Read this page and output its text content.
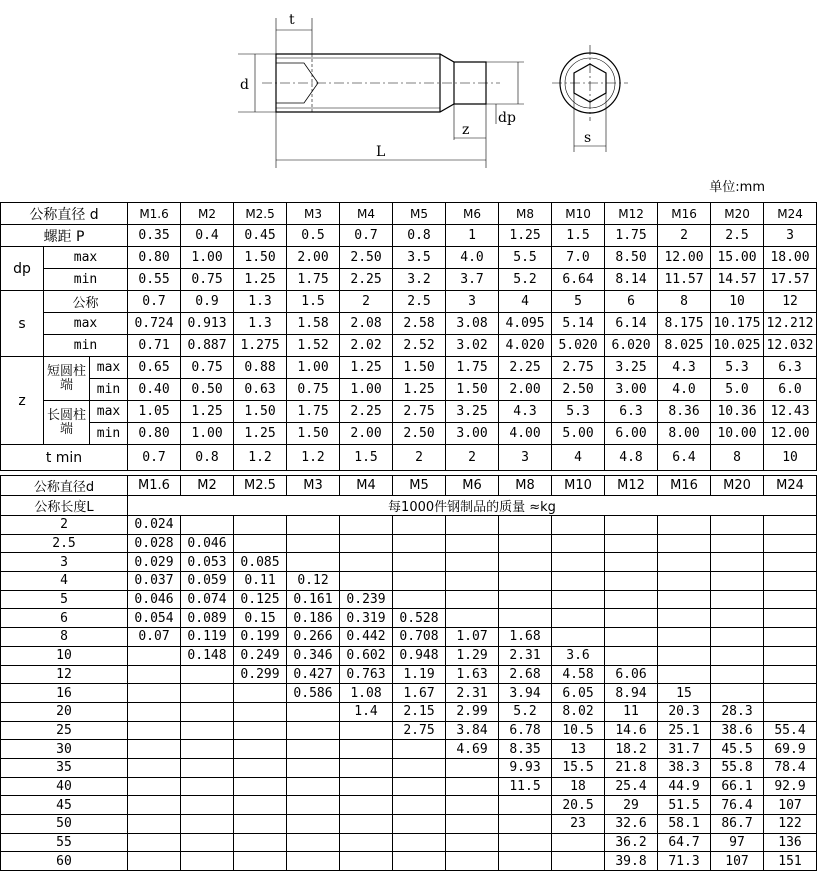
t
d
dp
z
L
s
单位:mm
公称直径 d			M1.6	M2	M2.5	M3	M4	M5	M6	M8	M10	M12	M16	M20	M24
螺距 P			0.35	0.4	0.45	0.5	0.7	0.8	1	1.25	1.5	1.75	2	2.5	3
dp	max		0.80	1.00	1.50	2.00	2.50	3.5	4.0	5.5	7.0	8.50	12.00	15.00	18.00
	min		0.55	0.75	1.25	1.75	2.25	3.2	3.7	5.2	6.64	8.14	11.57	14.57	17.57
s	公称		0.7	0.9	1.3	1.5	2	2.5	3	4	5	6	8	10	12
	max		0.724	0.913	1.3	1.58	2.08	2.58	3.08	4.095	5.14	6.14	8.175	10.175	12.212
	min		0.71	0.887	1.275	1.52	2.02	2.52	3.02	4.020	5.020	6.020	8.025	10.025	12.032
z	短圆柱端	max	0.65	0.75	0.88	1.00	1.25	1.50	1.75	2.25	2.75	3.25	4.3	5.3	6.3
		min	0.40	0.50	0.63	0.75	1.00	1.25	1.50	2.00	2.50	3.00	4.0	5.0	6.0
	长圆柱端	max	1.05	1.25	1.50	1.75	2.25	2.75	3.25	4.3	5.3	6.3	8.36	10.36	12.43
		min	0.80	1.00	1.25	1.50	2.00	2.50	3.00	4.00	5.00	6.00	8.00	10.00	12.00
t min			0.7	0.8	1.2	1.2	1.5	2	2	3	4	4.8	6.4	8	10
公称直径d	M1.6	M2	M2.5	M3	M4	M5	M6	M8	M10	M12	M16	M20	M24
公称长度L	每1000件钢制品的质量 ≈kg												
2	0.024												
2.5	0.028	0.046											
3	0.029	0.053	0.085										
4	0.037	0.059	0.11	0.12									
5	0.046	0.074	0.125	0.161	0.239								
6	0.054	0.089	0.15	0.186	0.319	0.528							
8	0.07	0.119	0.199	0.266	0.442	0.708	1.07	1.68					
10		0.148	0.249	0.346	0.602	0.948	1.29	2.31	3.6				
12			0.299	0.427	0.763	1.19	1.63	2.68	4.58	6.06			
16				0.586	1.08	1.67	2.31	3.94	6.05	8.94	15		
20					1.4	2.15	2.99	5.2	8.02	11	20.3	28.3	
25						2.75	3.84	6.78	10.5	14.6	25.1	38.6	55.4
30							4.69	8.35	13	18.2	31.7	45.5	69.9
35								9.93	15.5	21.8	38.3	55.8	78.4
40								11.5	18	25.4	44.9	66.1	92.9
45									20.5	29	51.5	76.4	107
50									23	32.6	58.1	86.7	122
55										36.2	64.7	97	136
60										39.8	71.3	107	151
